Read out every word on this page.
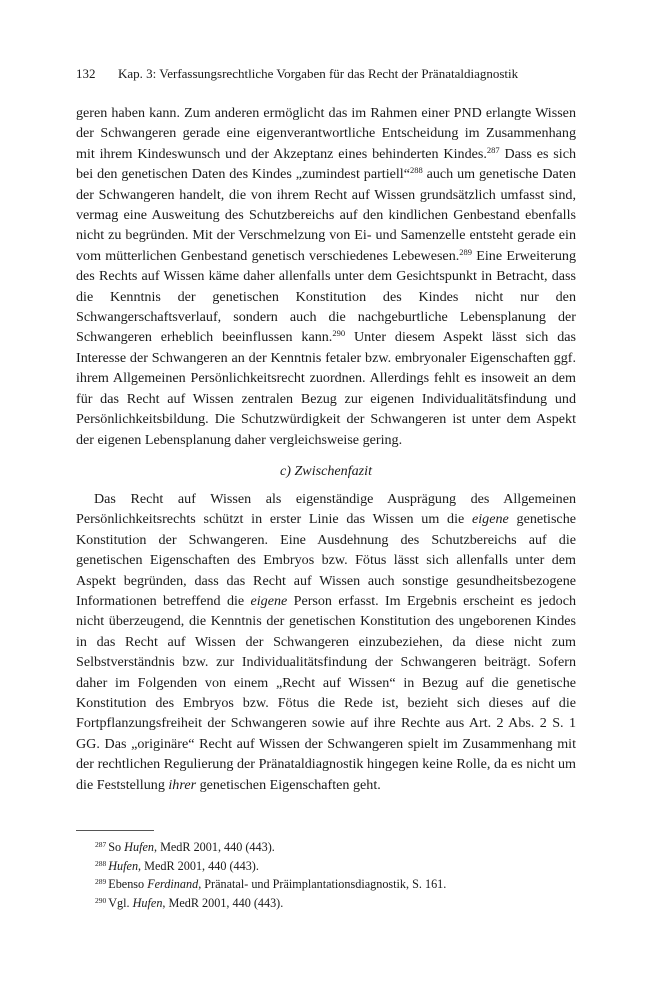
132 Kap. 3: Verfassungsrechtliche Vorgaben für das Recht der Pränataldiagnostik

geren haben kann. Zum anderen ermöglicht das im Rahmen einer PND erlangte Wissen der Schwangeren gerade eine eigenverantwortliche Entscheidung im Zusammenhang mit ihrem Kindeswunsch und der Akzeptanz eines behinderten Kindes.$^{287}$ Dass es sich bei den genetischen Daten des Kindes „zumindest partiell“$^{288}$ auch um genetische Daten der Schwangeren handelt, die von ihrem Recht auf Wissen grundsätzlich umfasst sind, vermag eine Ausweitung des Schutzbereichs auf den kindlichen Genbestand ebenfalls nicht zu begründen. Mit der Verschmelzung von Ei- und Samenzelle entsteht gerade ein vom mütterlichen Genbestand genetisch verschiedenes Lebewesen.$^{289}$ Eine Erweiterung des Rechts auf Wissen käme daher allenfalls unter dem Gesichtspunkt in Betracht, dass die Kenntnis der genetischen Konstitution des Kindes nicht nur den Schwangerschaftsverlauf, sondern auch die nachgeburtliche Lebensplanung der Schwangeren erheblich beeinflussen kann.$^{290}$ Unter diesem Aspekt lässt sich das Interesse der Schwangeren an der Kenntnis fetaler bzw. embryonaler Eigenschaften ggf. ihrem Allgemeinen Persönlichkeitsrecht zuordnen. Allerdings fehlt es insoweit an dem für das Recht auf Wissen zentralen Bezug zur eigenen Individualitätsfindung und Persönlichkeitsbildung. Die Schutzwürdigkeit der Schwangeren ist unter dem Aspekt der eigenen Lebensplanung daher vergleichsweise gering.

c) Zwischenfazit

Das Recht auf Wissen als eigenständige Ausprägung des Allgemeinen Persönlichkeitsrechts schützt in erster Linie das Wissen um die eigene genetische Konstitution der Schwangeren. Eine Ausdehnung des Schutzbereichs auf die genetischen Eigenschaften des Embryos bzw. Fötus lässt sich allenfalls unter dem Aspekt begründen, dass das Recht auf Wissen auch sonstige gesundheitsbezogene Informationen betreffend die eigene Person erfasst. Im Ergebnis erscheint es jedoch nicht überzeugend, die Kenntnis der genetischen Konstitution des ungeborenen Kindes in das Recht auf Wissen der Schwangeren einzubeziehen, da diese nicht zum Selbstverständnis bzw. zur Individualitätsfindung der Schwangeren beiträgt. Sofern daher im Folgenden von einem „Recht auf Wissen“ in Bezug auf die genetische Konstitution des Embryos bzw. Fötus die Rede ist, bezieht sich dieses auf die Fortpflanzungsfreiheit der Schwangeren sowie auf ihre Rechte aus Art. 2 Abs. 2 S. 1 GG. Das „originäre“ Recht auf Wissen der Schwangeren spielt im Zusammenhang mit der rechtlichen Regulierung der Pränataldiagnostik hingegen keine Rolle, da es nicht um die Feststellung ihrer genetischen Eigenschaften geht.

$^{287}$ So Hufen, MedR 2001, 440 (443).
$^{288}$ Hufen, MedR 2001, 440 (443).
$^{289}$ Ebenso Ferdinand, Pränatal- und Präimplantationsdiagnostik, S. 161.
$^{290}$ Vgl. Hufen, MedR 2001, 440 (443).
